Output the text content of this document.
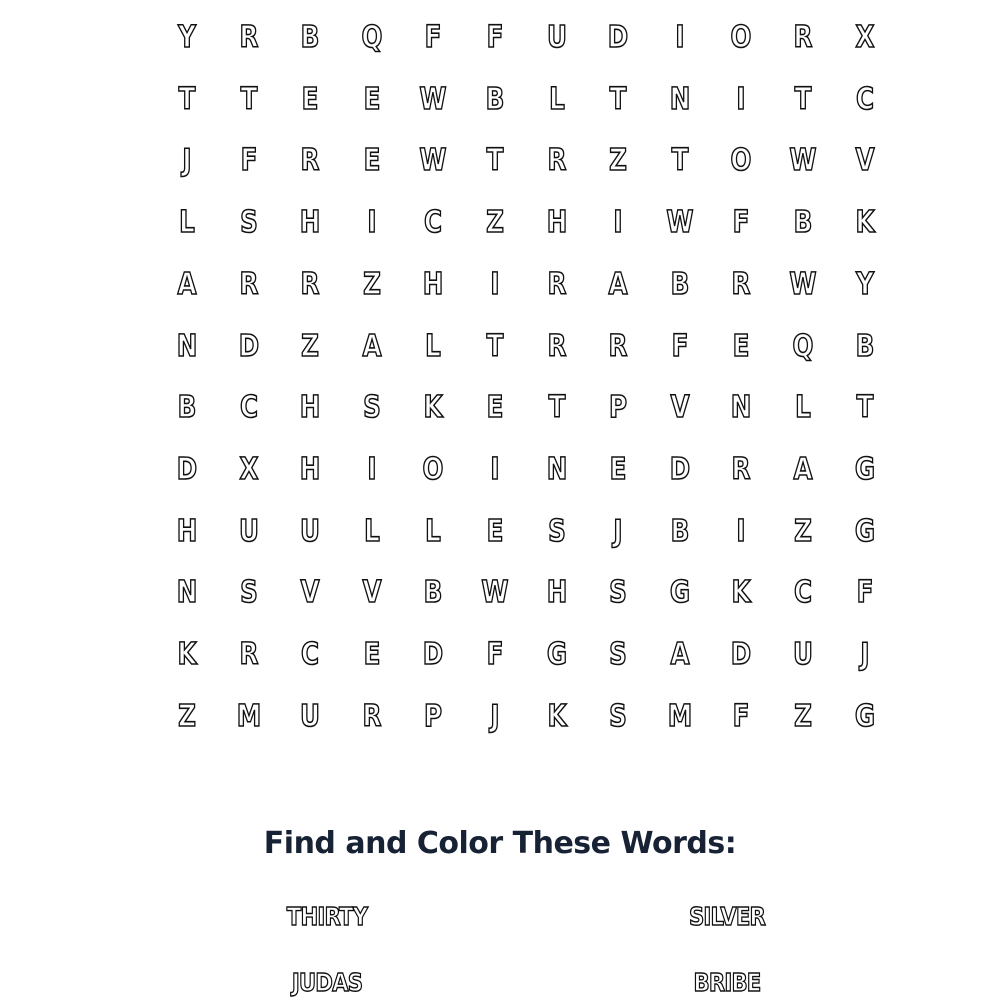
Y	R	B	Q	F	F	U	D	I	O	R	X
T	T	E	E	W	B	L	T	N	I	T	C
J	F	R	E	W	T	R	Z	T	O	W	V
L	S	H	I	C	Z	H	I	W	F	B	K
A	R	R	Z	H	I	R	A	B	R	W	Y
N	D	Z	A	L	T	R	R	F	E	Q	B
B	C	H	S	K	E	T	P	V	N	L	T
D	X	H	I	O	I	N	E	D	R	A	G
H	U	U	L	L	E	S	J	B	I	Z	G
N	S	V	V	B	W	H	S	G	K	C	F
K	R	C	E	D	F	G	S	A	D	U	J
Z	M	U	R	P	J	K	S	M	F	Z	G
Find and Color These Words:
THIRTY	SILVER
JUDAS	BRIBE
